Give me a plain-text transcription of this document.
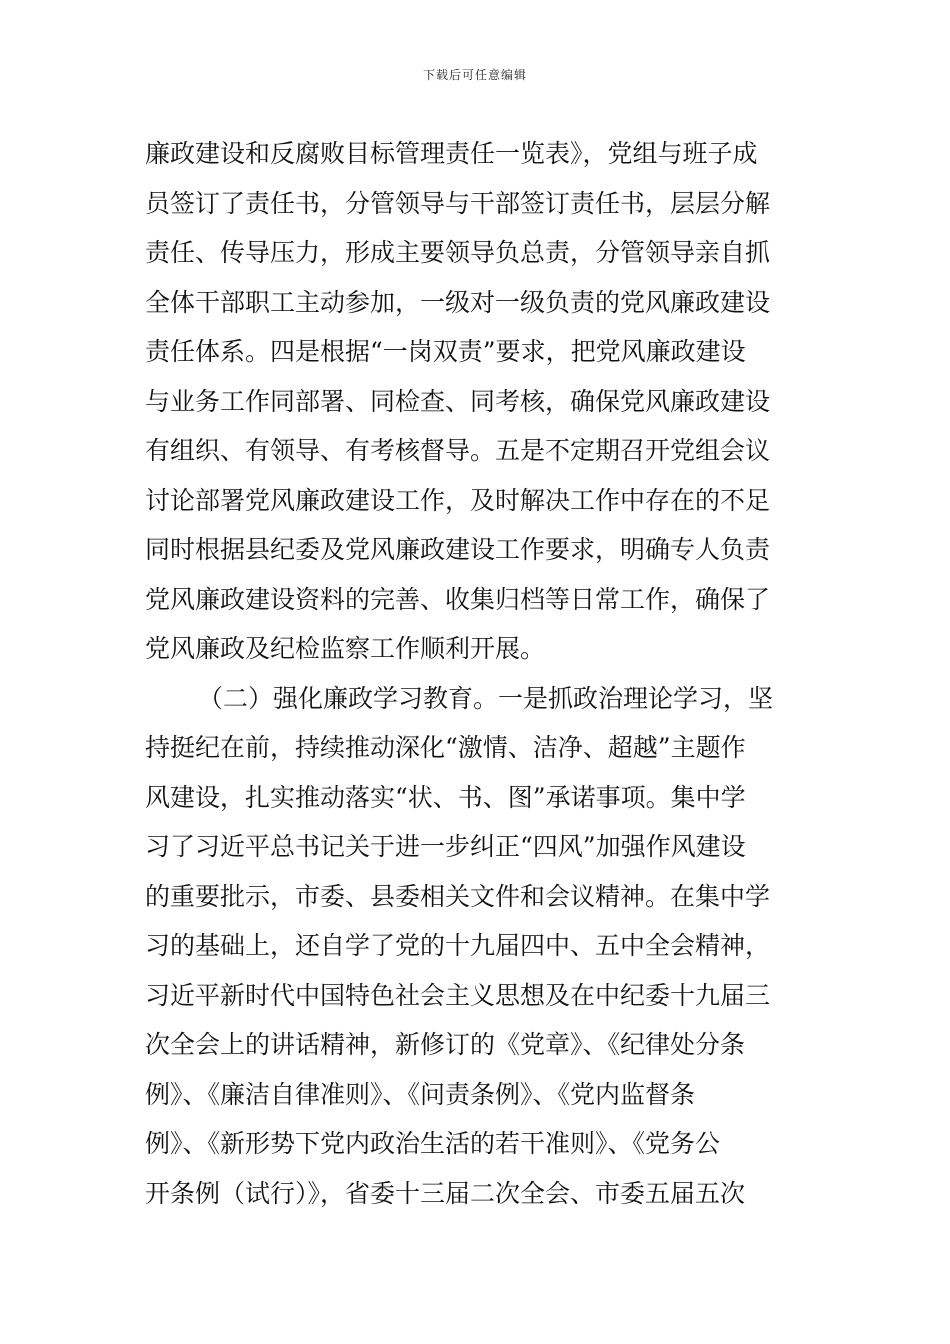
下载后可任意编辑
廉政建设和反腐败目标管理责任一览表》，党组与班子成
员签订了责任书，分管领导与干部签订责任书，层层分解
责任、传导压力，形成主要领导负总责，分管领导亲自抓
全体干部职工主动参加，一级对一级负责的党风廉政建设
责任体系。四是根据“一岗双责”要求，把党风廉政建设
与业务工作同部署、同检查、同考核，确保党风廉政建设
有组织、有领导、有考核督导。五是不定期召开党组会议
讨论部署党风廉政建设工作，及时解决工作中存在的不足
同时根据县纪委及党风廉政建设工作要求，明确专人负责
党风廉政建设资料的完善、收集归档等日常工作，确保了
党风廉政及纪检监察工作顺利开展。
（二）强化廉政学习教育。一是抓政治理论学习，坚
持挺纪在前，持续推动深化“激情、洁净、超越”主题作
风建设，扎实推动落实“状、书、图”承诺事项。集中学
习了习近平总书记关于进一步纠正“四风”加强作风建设
的重要批示，市委、县委相关文件和会议精神。在集中学
习的基础上，还自学了党的十九届四中、五中全会精神，
习近平新时代中国特色社会主义思想及在中纪委十九届三
次全会上的讲话精神，新修订的《党章》、《纪律处分条
例》、《廉洁自律准则》、《问责条例》、《党内监督条
例》、《新形势下党内政治生活的若干准则》、《党务公
开条例（试行）》，省委十三届二次全会、市委五届五次
